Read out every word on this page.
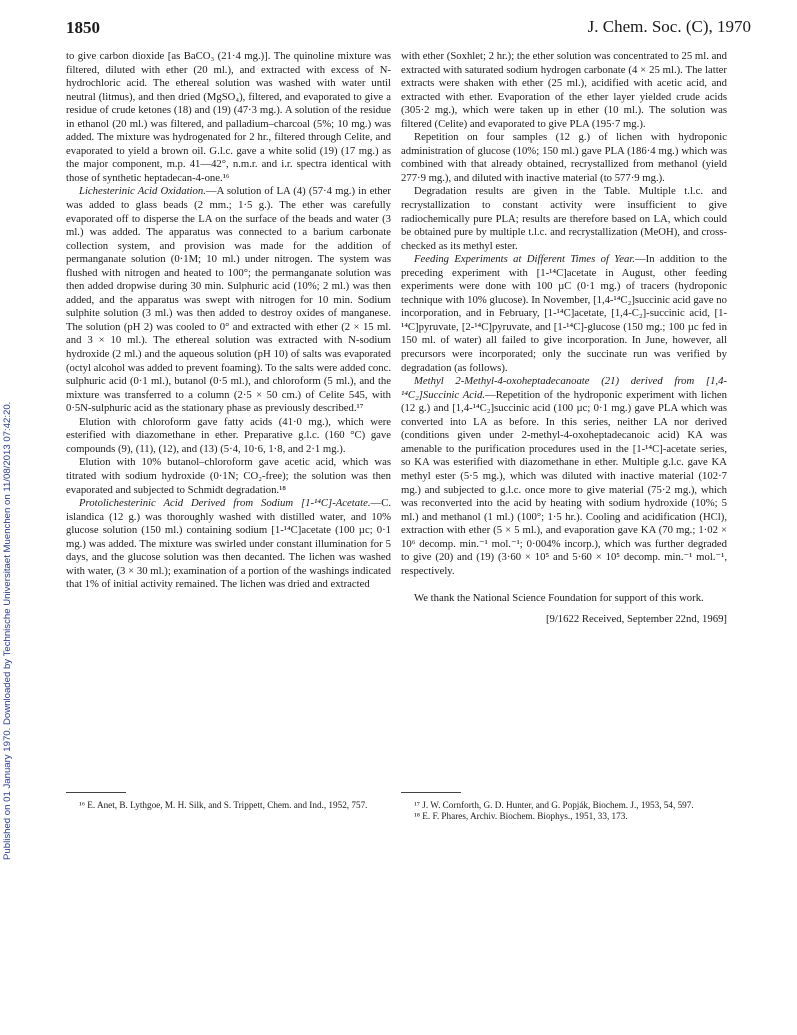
1850	J. Chem. Soc. (C), 1970
Published on 01 January 1970. Downloaded by Technische Universitaet Muenchen on 11/08/2013 07:42:20.

to give carbon dioxide [as BaCO₃ (21·4 mg.)]. The quinoline mixture was filtered, diluted with ether (20 ml.), and extracted with excess of N-hydrochloric acid. The ethereal solution was washed with water until neutral (litmus), and then dried (MgSO₄), filtered, and evaporated to give a residue of crude ketones (18) and (19) (47·3 mg.). A solution of the residue in ethanol (20 ml.) was filtered, and palladium–charcoal (5%; 10 mg.) was added. The mixture was hydrogenated for 2 hr., filtered through Celite, and evaporated to yield a brown oil. G.l.c. gave a white solid (19) (17 mg.) as the major component, m.p. 41—42°, n.m.r. and i.r. spectra identical with those of synthetic heptadecan-4-one.¹⁶

Lichesterinic Acid Oxidation.—A solution of LA (4) (57·4 mg.) in ether was added to glass beads (2 mm.; 1·5 g.). The ether was carefully evaporated off to disperse the LA on the surface of the beads and water (3 ml.) was added. The apparatus was connected to a barium carbonate collection system, and provision was made for the addition of permanganate solution (0·1M; 10 ml.) under nitrogen. The system was flushed with nitrogen and heated to 100°; the permanganate solution was then added dropwise during 30 min. Sulphuric acid (10%; 2 ml.) was then added, and the apparatus was swept with nitrogen for 10 min. Sodium sulphite solution (3 ml.) was then added to destroy oxides of manganese. The solution (pH 2) was cooled to 0° and extracted with ether (2 × 15 ml. and 3 × 10 ml.). The ethereal solution was extracted with N-sodium hydroxide (2 ml.) and the aqueous solution (pH 10) of salts was evaporated (octyl alcohol was added to prevent foaming). To the salts were added conc. sulphuric acid (0·1 ml.), butanol (0·5 ml.), and chloroform (5 ml.), and the mixture was transferred to a column (2·5 × 50 cm.) of Celite 545, with 0·5N-sulphuric acid as the stationary phase as previously described.¹⁷

Elution with chloroform gave fatty acids (41·0 mg.), which were esterified with diazomethane in ether. Preparative g.l.c. (160 °C) gave compounds (9), (11), (12), and (13) (5·4, 10·6, 1·8, and 2·1 mg.).

Elution with 10% butanol–chloroform gave acetic acid, which was titrated with sodium hydroxide (0·1N; CO₂-free); the solution was then evaporated and subjected to Schmidt degradation.¹⁸

Protolichesterinic Acid Derived from Sodium [1-¹⁴C]-Acetate.—C. islandica (12 g.) was thoroughly washed with distilled water, and 10% glucose solution (150 ml.) containing sodium [1-¹⁴C]acetate (100 µc; 0·1 mg.) was added. The mixture was swirled under constant illumination for 5 days, and the glucose solution was then decanted. The lichen was washed with water, (3 × 30 ml.); examination of a portion of the washings indicated that 1% of initial activity remained. The lichen was dried and extracted

with ether (Soxhlet; 2 hr.); the ether solution was concentrated to 25 ml. and extracted with saturated sodium hydrogen carbonate (4 × 25 ml.). The latter extracts were shaken with ether (25 ml.), acidified with acetic acid, and extracted with ether. Evaporation of the ether layer yielded crude acids (305·2 mg.), which were taken up in ether (10 ml.). The solution was filtered (Celite) and evaporated to give PLA (195·7 mg.).

Repetition on four samples (12 g.) of lichen with hydroponic administration of glucose (10%; 150 ml.) gave PLA (186·4 mg.) which was combined with that already obtained, recrystallized from methanol (yield 277·9 mg.), and diluted with inactive material (to 577·9 mg.).

Degradation results are given in the Table. Multiple t.l.c. and recrystallization to constant activity were insufficient to give radiochemically pure PLA; results are therefore based on LA, which could be obtained pure by multiple t.l.c. and recrystallization (MeOH), and cross-checked as its methyl ester.

Feeding Experiments at Different Times of Year.—In addition to the preceding experiment with [1-¹⁴C]acetate in August, other feeding experiments were done with 100 µC (0·1 mg.) of tracers (hydroponic technique with 10% glucose). In November, [1,4-¹⁴C₂]succinic acid gave no incorporation, and in February, [1-¹⁴C]acetate, [1,4-C₂]-succinic acid, [1-¹⁴C]pyruvate, [2-¹⁴C]pyruvate, and [1-¹⁴C]-glucose (150 mg.; 100 µc fed in 150 ml. of water) all failed to give incorporation. In June, however, all precursors were incorporated; only the succinate run was verified by degradation (as follows).

Methyl 2-Methyl-4-oxoheptadecanoate (21) derived from [1,4-¹⁴C₂]Succinic Acid.—Repetition of the hydroponic experiment with lichen (12 g.) and [1,4-¹⁴C₂]succinic acid (100 µc; 0·1 mg.) gave PLA which was converted into LA as before. In this series, neither LA nor derived (conditions given under 2-methyl-4-oxoheptadecanoic acid) KA was amenable to the purification procedures used in the [1-¹⁴C]-acetate series, so KA was esterified with diazomethane in ether. Multiple g.l.c. gave KA methyl ester (5·5 mg.), which was diluted with inactive material (102·7 mg.) and subjected to g.l.c. once more to give material (75·2 mg.), which was reconverted into the acid by heating with sodium hydroxide (10%; 5 ml.) and methanol (1 ml.) (100°; 1·5 hr.). Cooling and acidification (HCl), extraction with ether (5 × 5 ml.), and evaporation gave KA (70 mg.; 1·02 × 10⁶ decomp. min.⁻¹ mol.⁻¹; 0·004% incorp.), which was further degraded to give (20) and (19) (3·60 × 10⁵ and 5·60 × 10⁵ decomp. min.⁻¹ mol.⁻¹, respectively.

We thank the National Science Foundation for support of this work.

[9/1622 Received, September 22nd, 1969]

¹⁶ E. Anet, B. Lythgoe, M. H. Silk, and S. Trippett, Chem. and Ind., 1952, 757.	¹⁷ J. W. Cornforth, G. D. Hunter, and G. Popják, Biochem. J., 1953, 54, 597.

¹⁸ E. F. Phares, Archiv. Biochem. Biophys., 1951, 33, 173.
